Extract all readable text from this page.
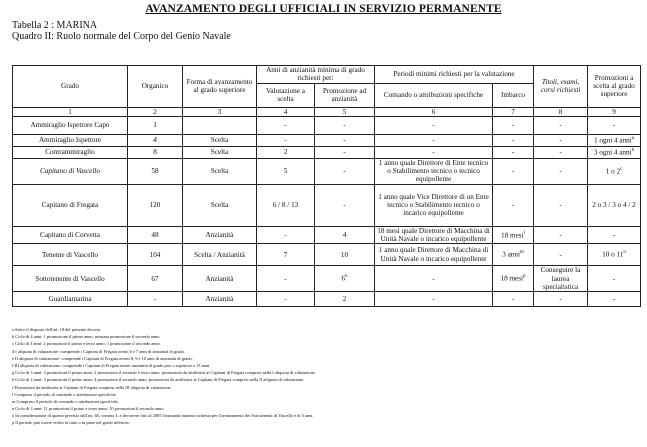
AVANZAMENTO DEGLI UFFICIALI IN SERVIZIO PERMANENTE
Tabella 2 : MARINA
Quadro II: Ruolo normale del Corpo del Genio Navale
Grado	Organico	Forma di avanzamento al grado superiore	Anni di anzianità minima di grado richiesti per:		Periodi minimi richiesti per la valutazione		Titoli, esami, corsi richiesti	Promozioni a scelta al grado superiore
			Valutazione a scelta	Promozione ad anzianità	Comando o attribuzioni specifiche	Imbarco		
1	2	3	4	5	6	7	8	9
Ammiraglio Ispettore Capo	1		-	-	-	-	-	-
Ammiraglio Ispettore	4	Scelta	-	-	-	-	-	1 ogni 4 anni$^a$
Contrammiraglio	8	Scelta	2	-	-	-	-	3 ogni 4 anni$^b$
Capitano di Vascello	58	Scelta	5	-	1 anno quale Direttore di Ente tecnico o Stabilimento tecnico o tecnico equipollente	-	-	1 o 2$^c$
Capitano di Fregata	120	Scelta	6 / 8 / 13	-	1 anno quale Vice Direttore di un Ente tecnico o Stabilimento tecnico o incarico equipollente	-	-	2 o 3 / 3 o 4 / 2
Capitano di Corvetta	48	Anzianità	-	4	18 mesi quale Direttore di Macchina di Unità Navale o incarico equipollente	18 mesi$^l$	-	-
Tenente di Vascello	104	Scelta / Anzianità	7	10	1 anno quale Direttore di Macchina di Unità Navale o incarico equipollente	3 anni$^m$	-	10 o 11$^n$
Sottotenente di Vascello	67	Anzianità	-	6$^o$	-	18 mesi$^p$	Conseguire la laurea specialistica	-
Guardiamarina	-	Anzianità	-	2	-	-	-	-
a Salvo il disposto dell'art. 18 del presente decreto.
b Ciclo di 4 anni: 1 promozione il primo anno, nessuna promozione il secondo anno.
c Ciclo di 3 anni: 2 promozioni il primo e terzo anno; 1 promozione il secondo anno.
d I aliquota di valutazione: comprende i Capitani di Fregata aventi 6 e 7 anni di anzianità di grado.
e II aliquota di valutazione: comprende i Capitani di Fregata aventi 8, 9 e 10 anni di anzianità di grado.
f III aliquota di valutazione: comprende i Capitani di Fregata aventi anzianità di grado pari o superiore a 13 anni.
g Ciclo di 3 anni: 3 promozioni il primo anno; 2 promozioni il secondo e terzo anno; promozioni da attribuirsi ai Capitani di Fregata compresi nella I aliquota di valutazione.
h Ciclo di 2 anni: 3 promozioni il primo anno; 4 promozioni il secondo anno; promozioni da attribuirsi ai Capitani di Fregata compresi nella II aliquota di valutazione.
i Promozioni da attribuirsi ai Capitani di Fregata compresi nella III aliquota di valutazione.
l Compreso il periodo di comando o attribuzioni specifiche.
m Compreso il periodo di comando o attribuzioni specifiche.
n Ciclo di 3 anni: 11 promozioni il primo e terzo anno; 10 promozioni il secondo anno.
o In considerazione di quanto previsto dall'art. 60, comma 3, a decorrere fino al 2005 l'anzianità minima richiesta per l'avanzamento dei Sottotenenti di Vascello è di 5 anni.
p Il periodo può essere svolto in tutto o in parte nel grado inferiore.
